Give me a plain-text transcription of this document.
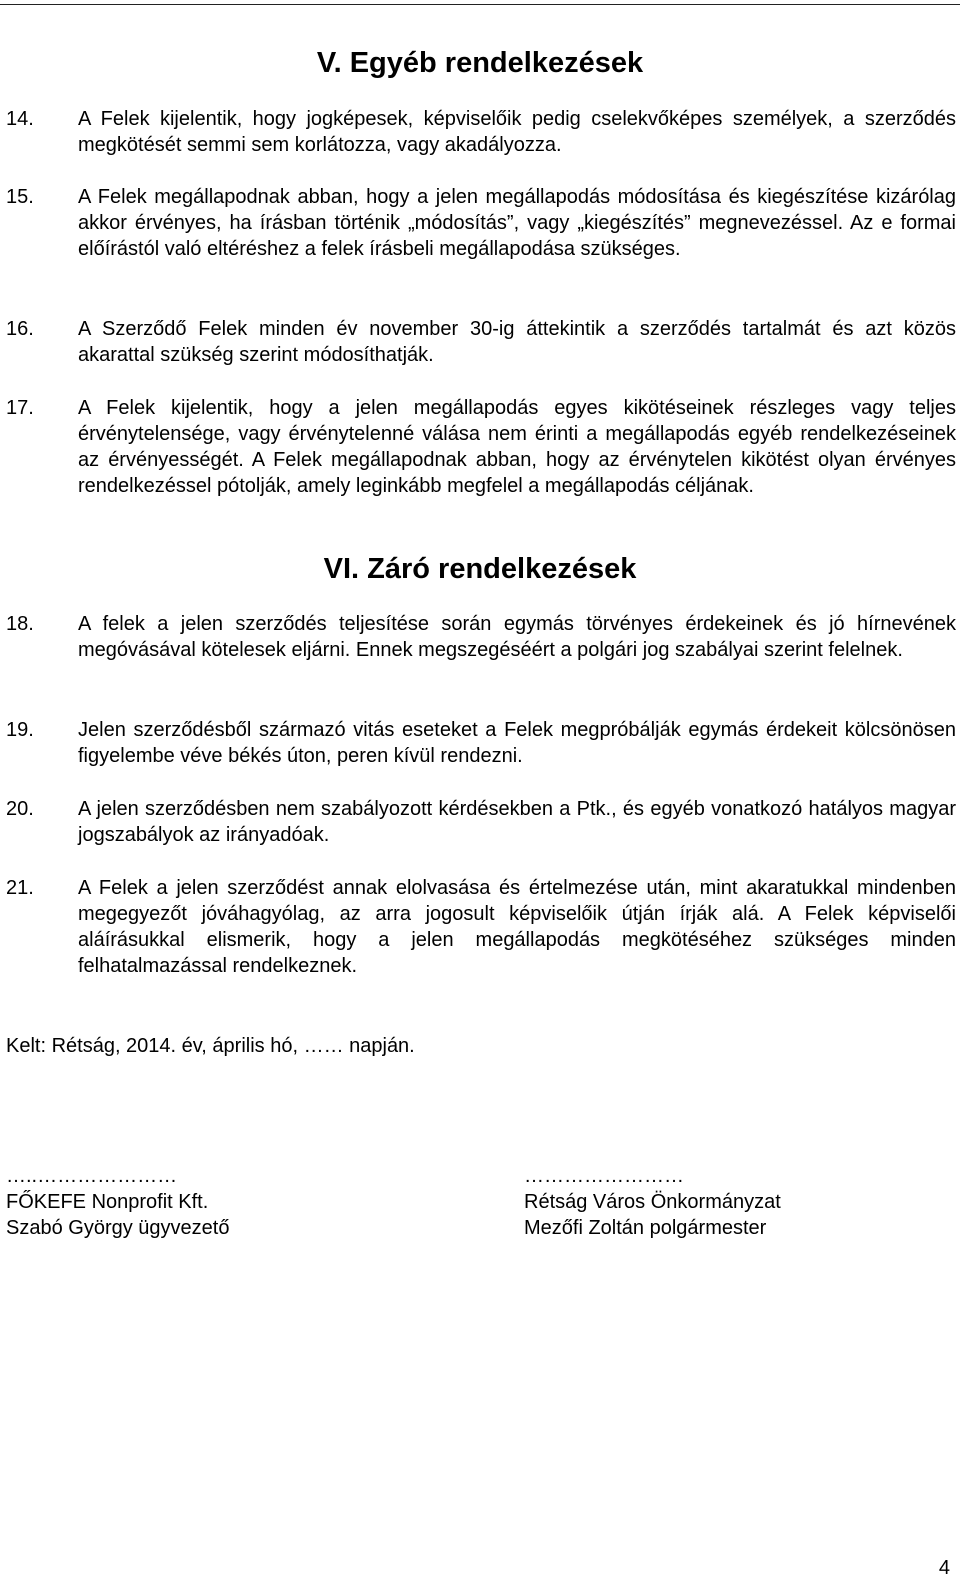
V. Egyéb rendelkezések
14. A Felek kijelentik, hogy jogképesek, képviselőik pedig cselekvőképes személyek, a szerződés megkötését semmi sem korlátozza, vagy akadályozza.

15. A Felek megállapodnak abban, hogy a jelen megállapodás módosítása és kiegészítése kizárólag akkor érvényes, ha írásban történik „módosítás”, vagy „kiegészítés” megnevezéssel. Az e formai előírástól való eltéréshez a felek írásbeli megállapodása szükséges.

16. A Szerződő Felek minden év november 30-ig áttekintik a szerződés tartalmát és azt közös akarattal szükség szerint módosíthatják.

17. A Felek kijelentik, hogy a jelen megállapodás egyes kikötéseinek részleges vagy teljes érvénytelensége, vagy érvénytelenné válása nem érinti a megállapodás egyéb rendelkezéseinek az érvényességét. A Felek megállapodnak abban, hogy az érvénytelen kikötést olyan érvényes rendelkezéssel pótolják, amely leginkább megfelel a megállapodás céljának.

VI. Záró rendelkezések
18. A felek a jelen szerződés teljesítése során egymás törvényes érdekeinek és jó hírnevének megóvásával kötelesek eljárni. Ennek megszegéséért a polgári jog szabályai szerint felelnek.

19. Jelen szerződésből származó vitás eseteket a Felek megpróbálják egymás érdekeit kölcsönösen figyelembe véve békés úton, peren kívül rendezni.

20. A jelen szerződésben nem szabályozott kérdésekben a Ptk., és egyéb vonatkozó hatályos magyar jogszabályok az irányadóak.

21. A Felek a jelen szerződést annak elolvasása és értelmezése után, mint akaratukkal mindenben megegyezőt jóváhagyólag, az arra jogosult képviselőik útján írják alá. A Felek képviselői aláírásukkal elismerik, hogy a jelen megállapodás megkötéséhez szükséges minden felhatalmazással rendelkeznek.

Kelt: Rétság, 2014. év, április hó, …… napján.

…..…………………
FŐKEFE Nonprofit Kft.
Szabó György ügyvezető
……………………
Rétság Város Önkormányzat
Mezőfi Zoltán polgármester
4
